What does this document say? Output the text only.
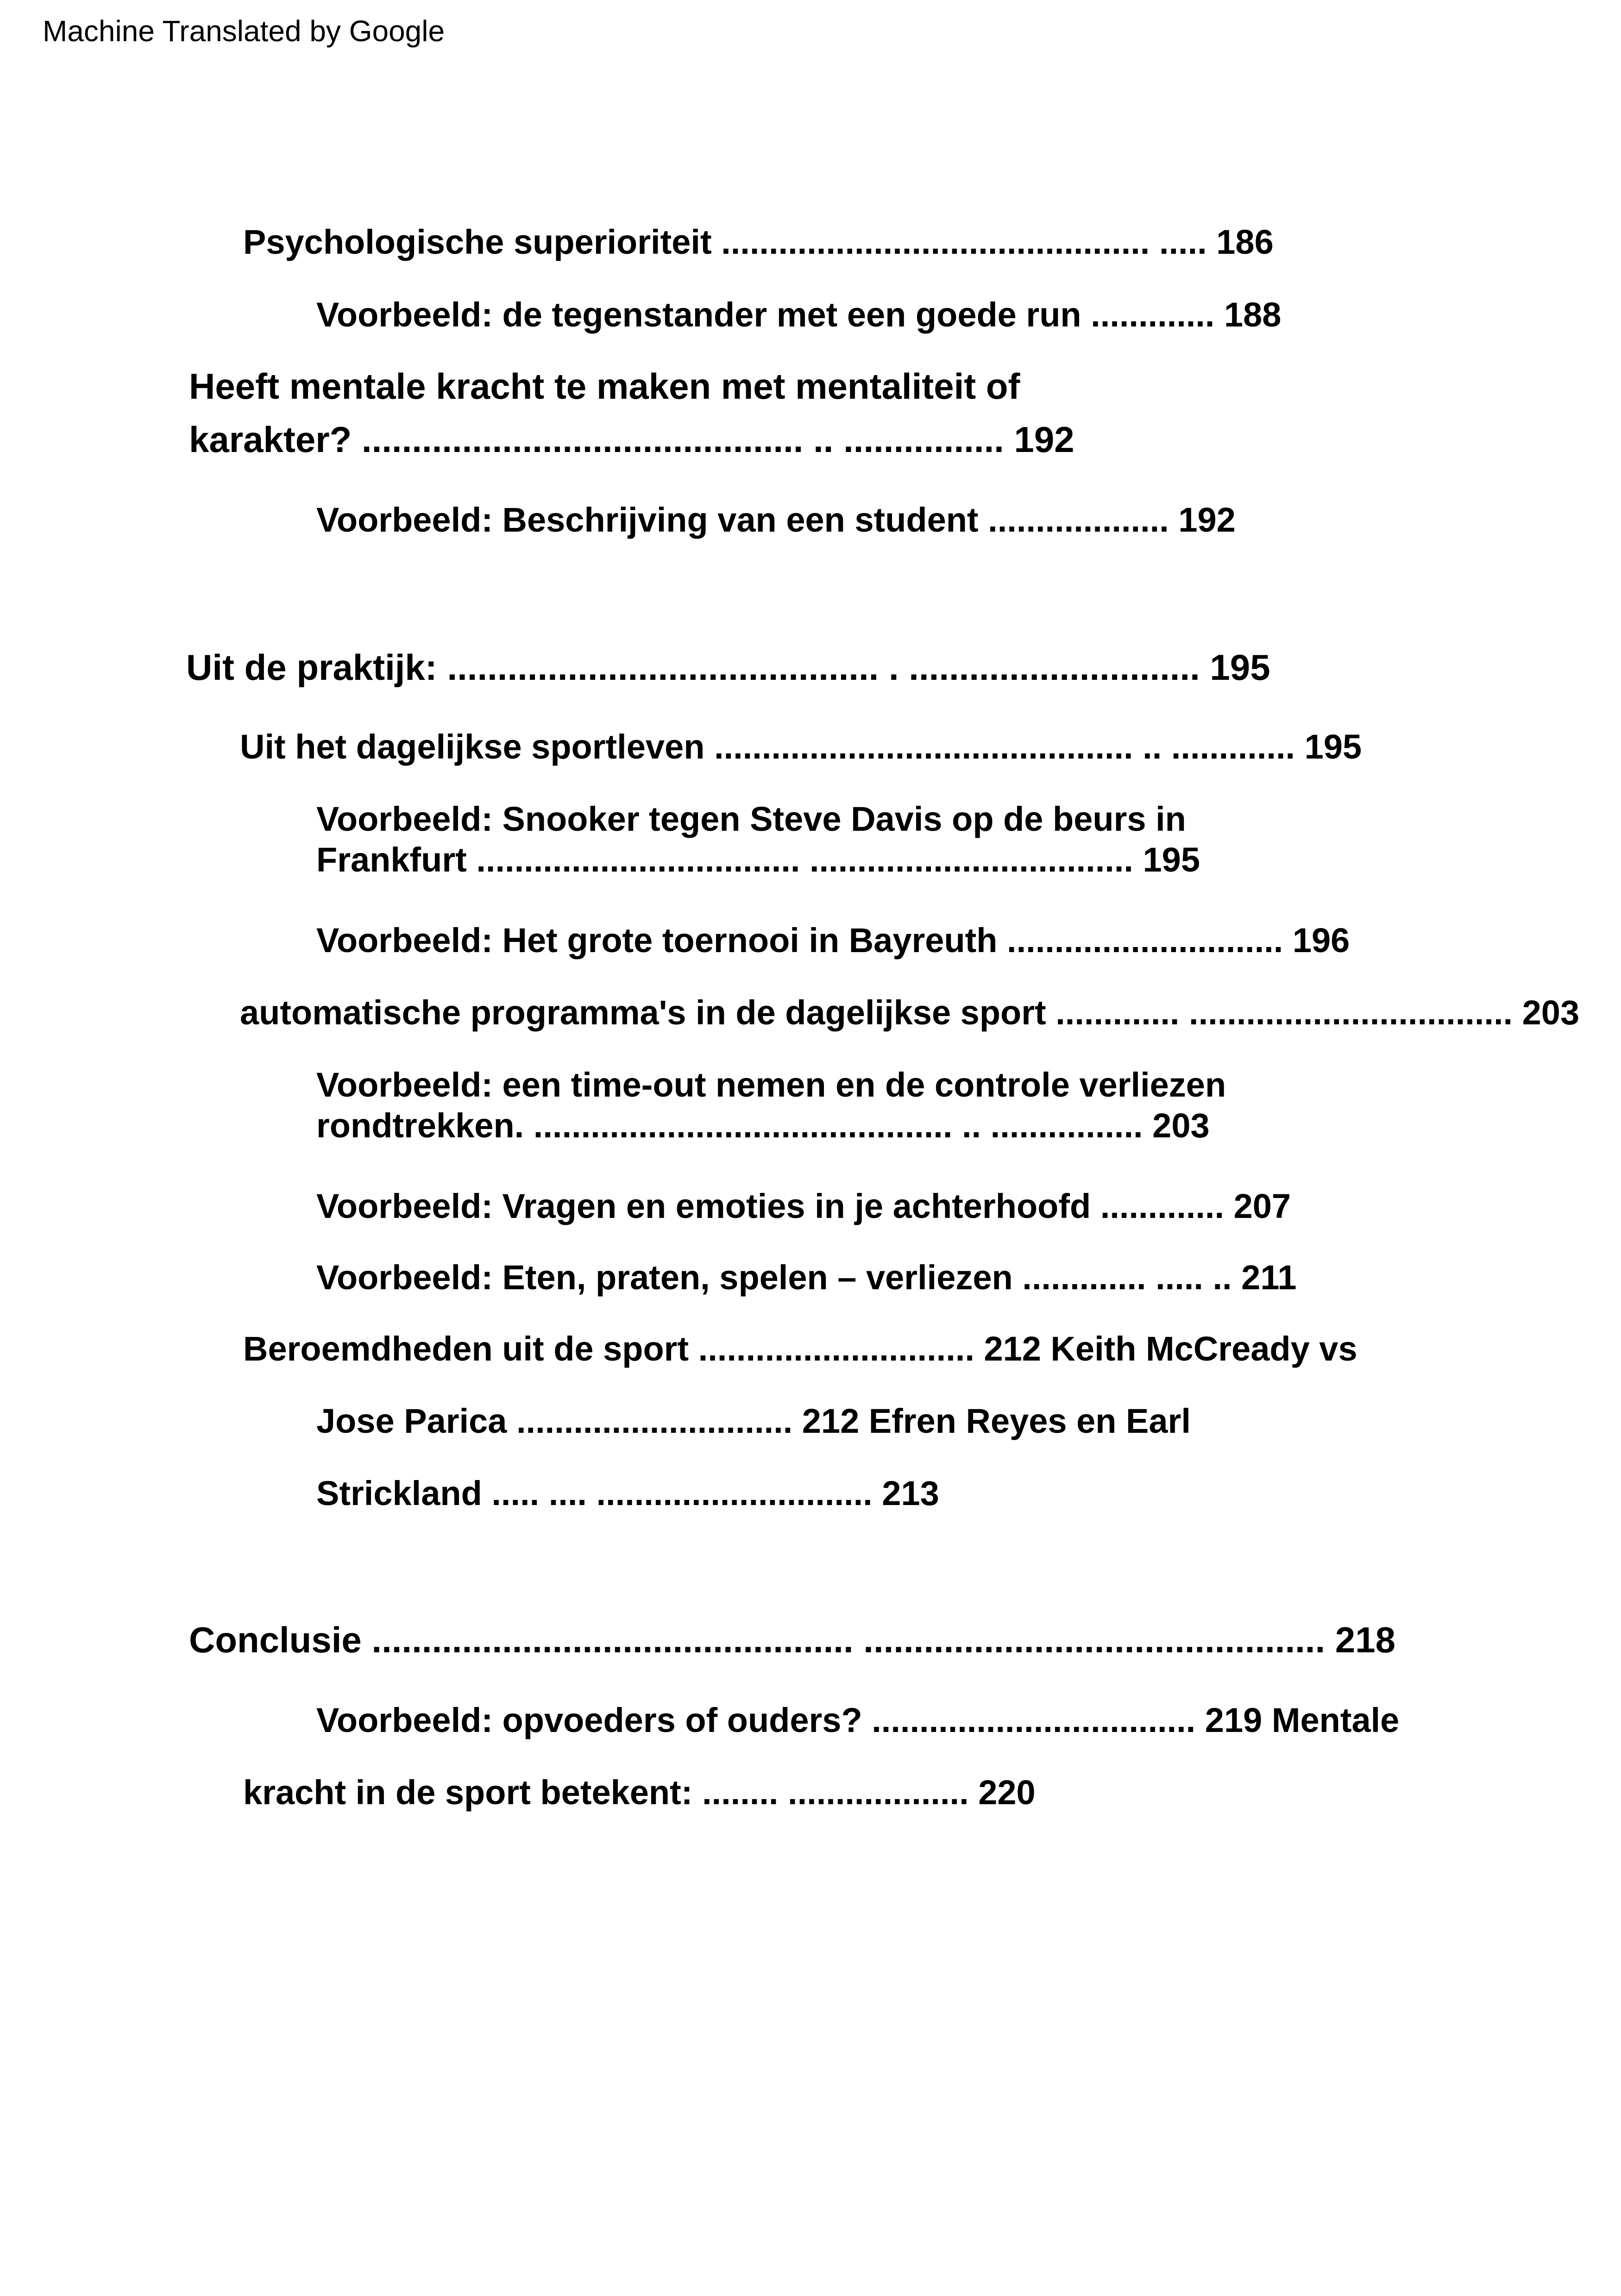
Machine Translated by Google
Psychologische superioriteit ............................................. ..... 186
Voorbeeld: de tegenstander met een goede run ............. 188
Heeft mentale kracht te maken met mentaliteit of
karakter? ............................................ .. ................ 192
Voorbeeld: Beschrijving van een student ................... 192
Uit de praktijk: ........................................... . ............................. 195
Uit het dagelijkse sportleven ............................................ .. ............. 195
Voorbeeld: Snooker tegen Steve Davis op de beurs in
Frankfurt .................................. .................................. 195
Voorbeeld: Het grote toernooi in Bayreuth ............................. 196
automatische programma's in de dagelijkse sport ............. .................................. 203
Voorbeeld: een time-out nemen en de controle verliezen
rondtrekken. ............................................ .. ................ 203
Voorbeeld: Vragen en emoties in je achterhoofd ............. 207
Voorbeeld: Eten, praten, spelen – verliezen ............. ..... .. 211
Beroemdheden uit de sport ............................. 212 Keith McCready vs
Jose Parica ............................. 212 Efren Reyes en Earl
Strickland ..... .... ............................. 213
Conclusie ................................................ .............................................. 218
Voorbeeld: opvoeders of ouders? .................................. 219 Mentale
kracht in de sport betekent: ........ ................... 220
